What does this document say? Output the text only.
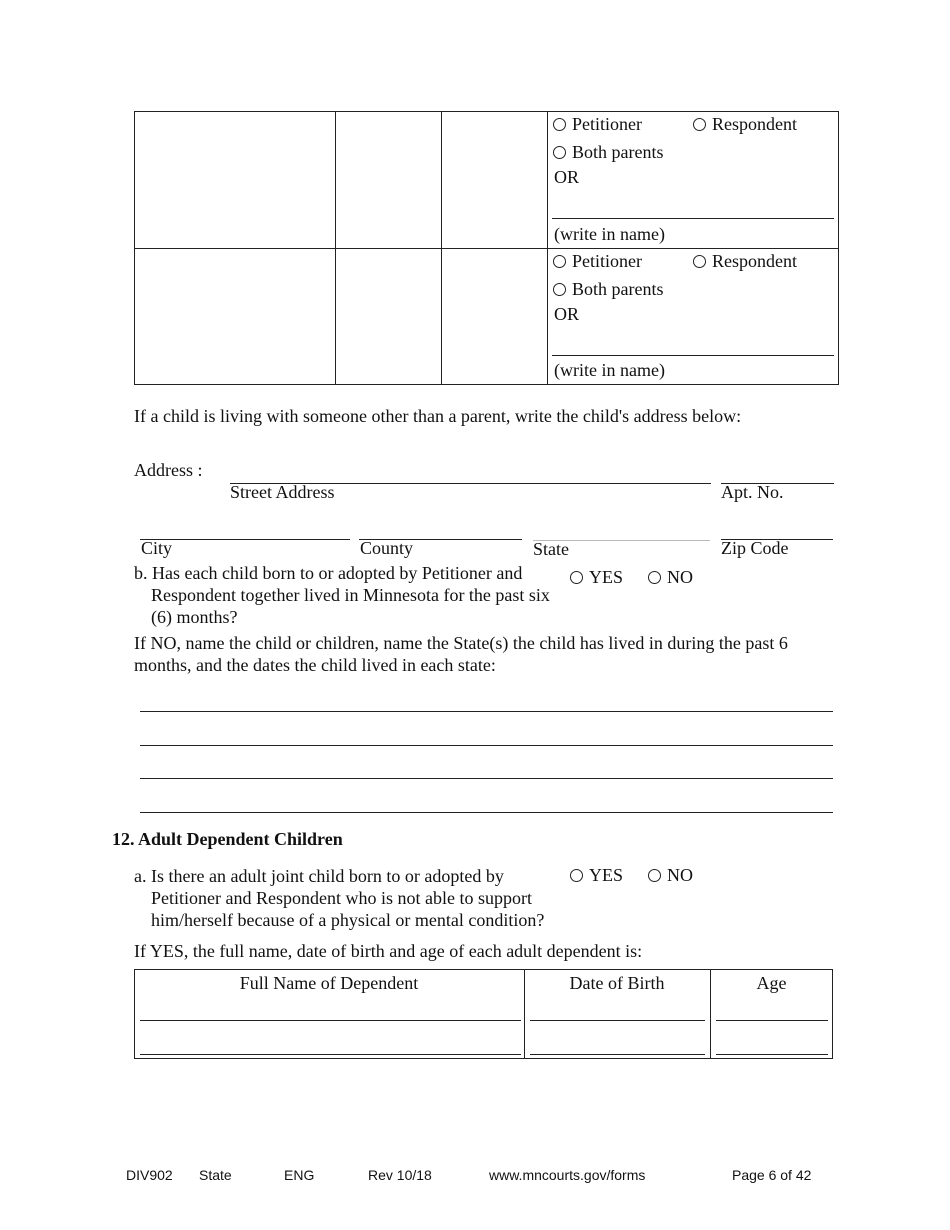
Petitioner	Respondent
Both parents
OR
(write in name)
Petitioner	Respondent
Both parents
OR
(write in name)
If a child is living with someone other than a parent, write the child's address below:
Address :
Street Address	Apt. No.
City	County	State	Zip Code
b. Has each child born to or adopted by Petitioner and
Respondent together lived in Minnesota for the past six
(6) months?
YES	NO
If NO, name the child or children, name the State(s) the child has lived in during the past 6
months, and the dates the child lived in each state:
12. Adult Dependent Children
a. Is there an adult joint child born to or adopted by
Petitioner and Respondent who is not able to support
him/herself because of a physical or mental condition?
YES	NO
If YES, the full name, date of birth and age of each adult dependent is:
Full Name of Dependent	Date of Birth	Age
DIV902 State	ENG	Rev 10/18	www.mncourts.gov/forms	Page 6 of 42
